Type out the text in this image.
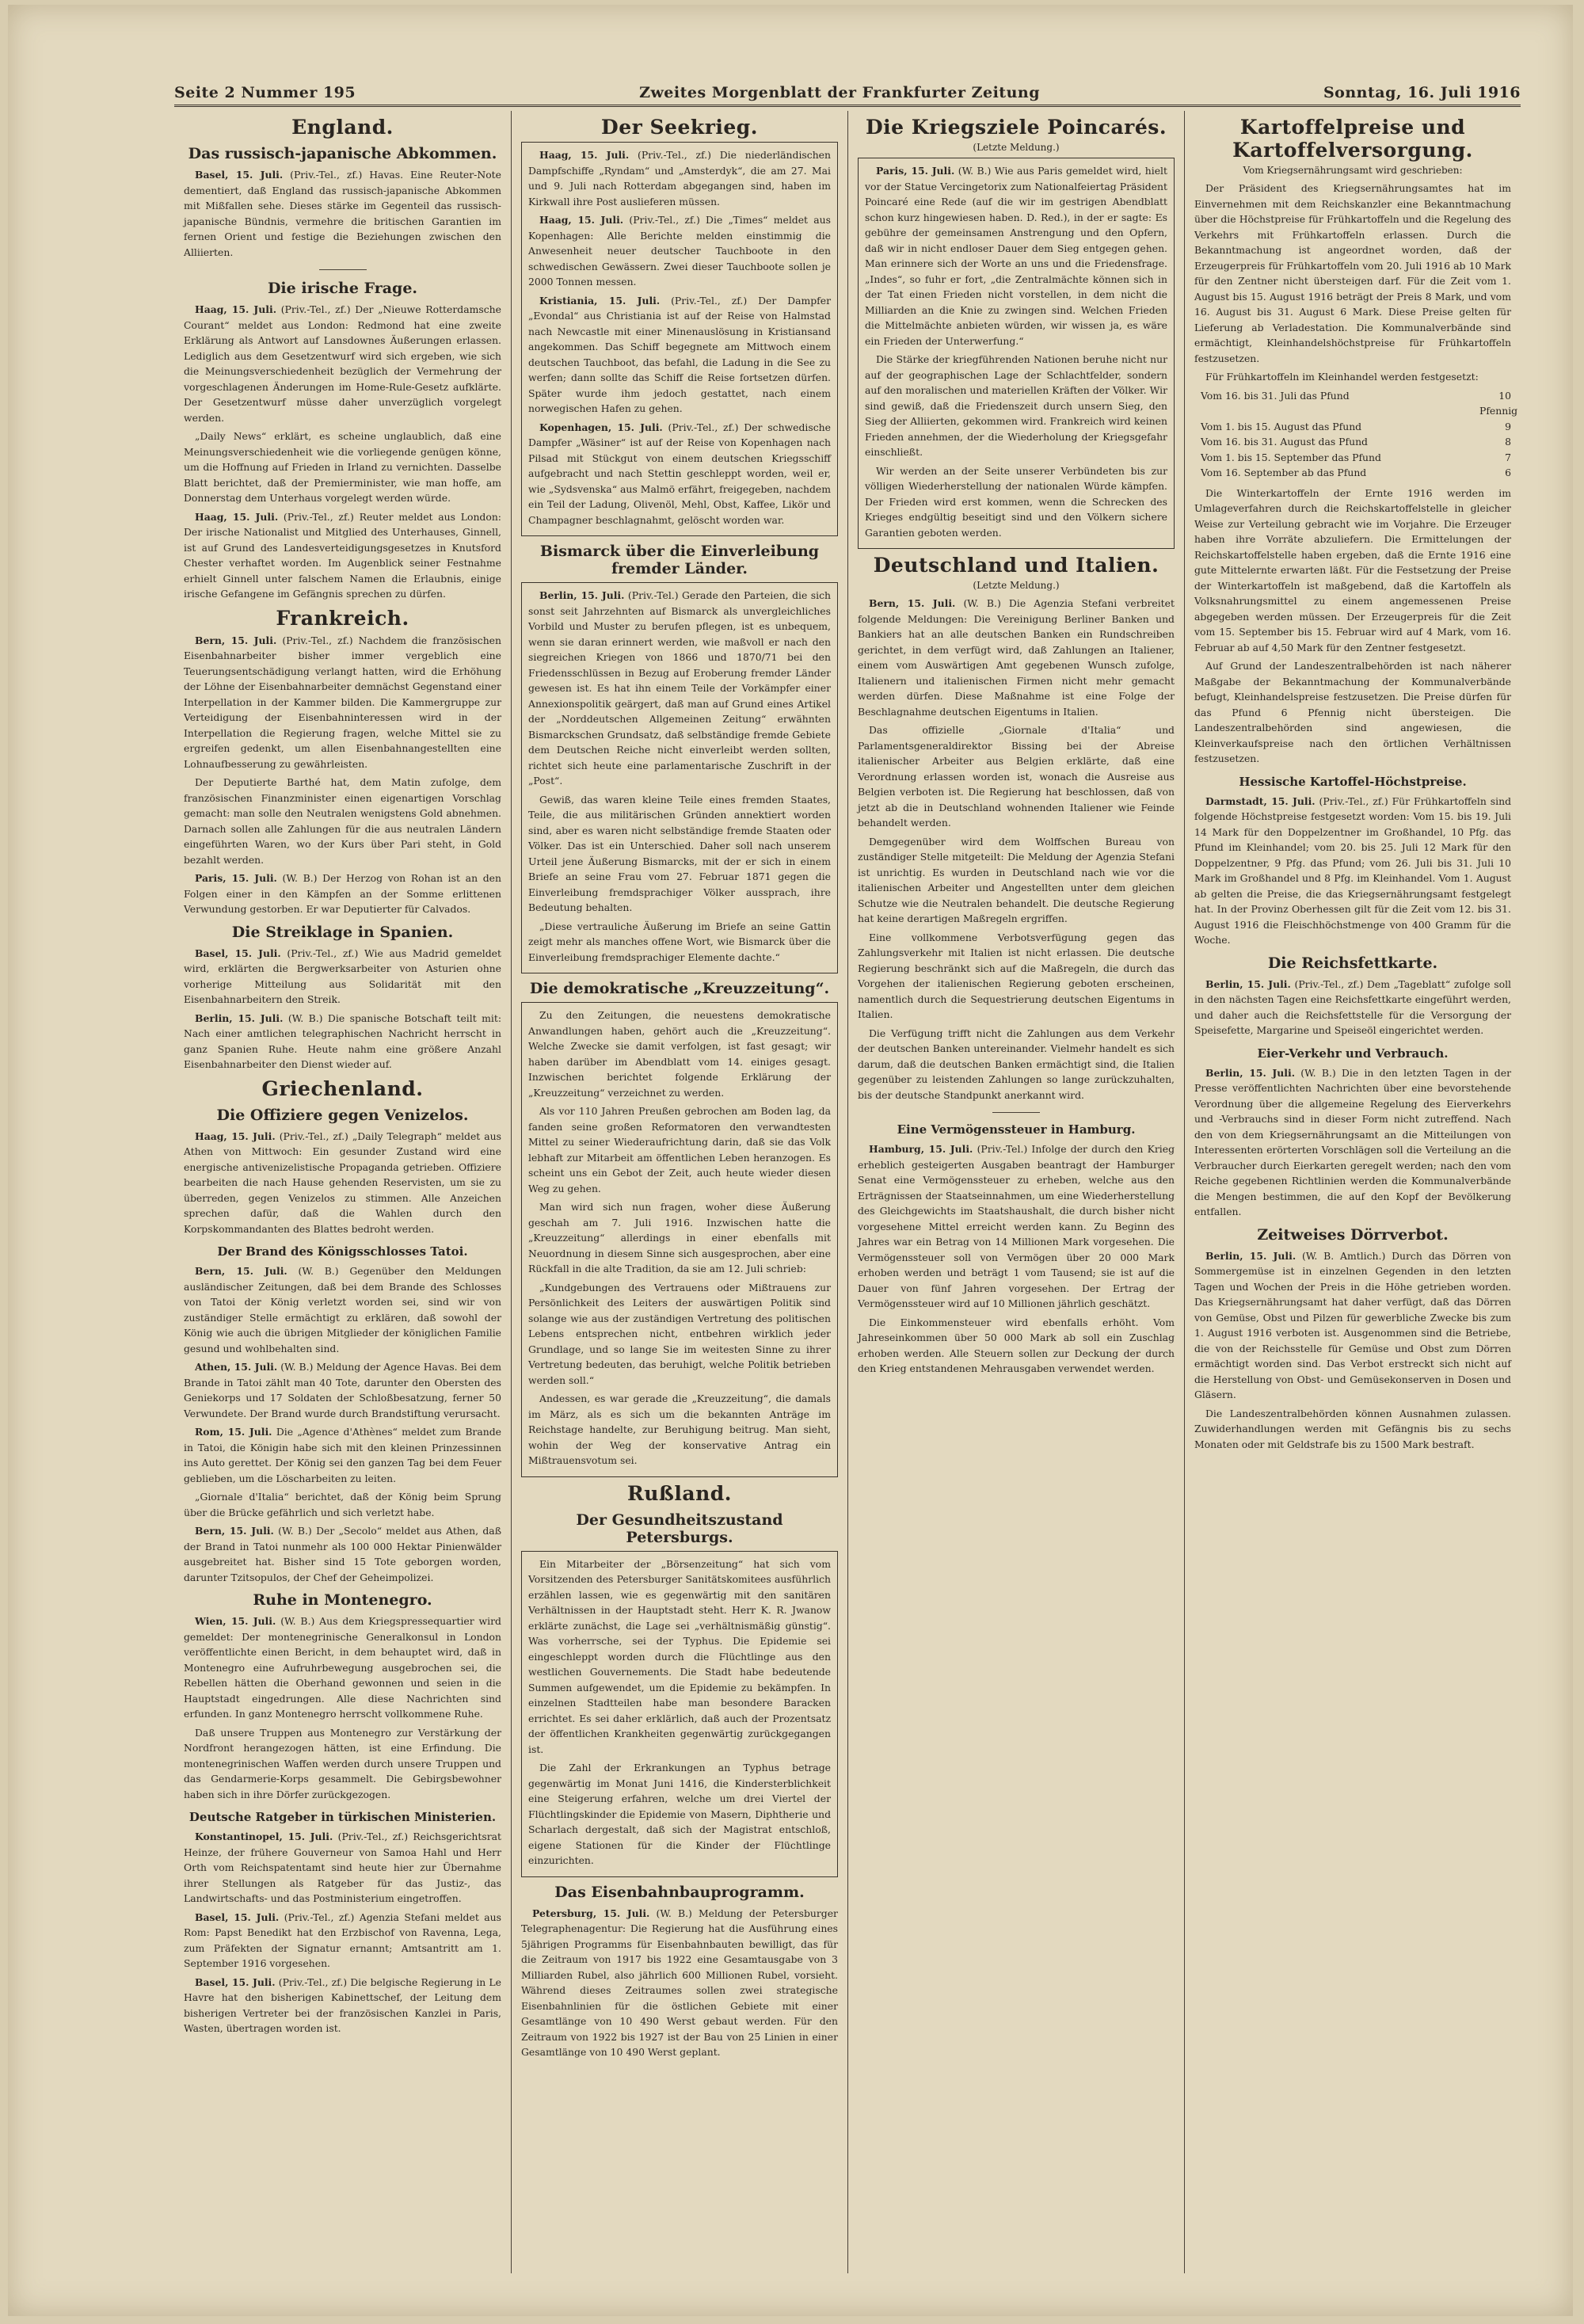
Seite 2 Nummer 195	Zweites Morgenblatt der Frankfurter Zeitung	Sonntag, 16. Juli 1916
England.
Das russisch-japanische Abkommen.

Basel, 15. Juli. (Priv.-Tel., zf.) Havas. Eine Reuter-Note dementiert, daß England das russisch-japanische Abkommen mit Mißfallen sehe. Dieses stärke im Gegenteil das russisch-japanische Bündnis, vermehre die britischen Garantien im fernen Orient und festige die Beziehungen zwischen den Alliierten.

Die irische Frage.

Haag, 15. Juli. (Priv.-Tel., zf.) Der „Nieuwe Rotterdamsche Courant“ meldet aus London: Redmond hat eine zweite Erklärung als Antwort auf Lansdownes Äußerungen erlassen. Lediglich aus dem Gesetzentwurf wird sich ergeben, wie sich die Meinungsverschiedenheit bezüglich der Vermehrung der vorgeschlagenen Änderungen im Home-Rule-Gesetz aufklärte. Der Gesetzentwurf müsse daher unverzüglich vorgelegt werden.

„Daily News“ erklärt, es scheine unglaublich, daß eine Meinungsverschiedenheit wie die vorliegende genügen könne, um die Hoffnung auf Frieden in Irland zu vernichten. Dasselbe Blatt berichtet, daß der Premierminister, wie man hoffe, am Donnerstag dem Unterhaus vorgelegt werden würde.

Haag, 15. Juli. (Priv.-Tel., zf.) Reuter meldet aus London: Der irische Nationalist und Mitglied des Unterhauses, Ginnell, ist auf Grund des Landesverteidigungsgesetzes in Knutsford Chester verhaftet worden. Im Augenblick seiner Festnahme erhielt Ginnell unter falschem Namen die Erlaubnis, einige irische Gefangene im Gefängnis sprechen zu dürfen.

Frankreich.

Bern, 15. Juli. (Priv.-Tel., zf.) Nachdem die französischen Eisenbahnarbeiter bisher immer vergeblich eine Teuerungsentschädigung verlangt hatten, wird die Erhöhung der Löhne der Eisenbahnarbeiter demnächst Gegenstand einer Interpellation in der Kammer bilden. Die Kammergruppe zur Verteidigung der Eisenbahninteressen wird in der Interpellation die Regierung fragen, welche Mittel sie zu ergreifen gedenkt, um allen Eisenbahnangestellten eine Lohnaufbesserung zu gewährleisten.

Der Deputierte Barthé hat, dem Matin zufolge, dem französischen Finanzminister einen eigenartigen Vorschlag gemacht: man solle den Neutralen wenigstens Gold abnehmen. Darnach sollen alle Zahlungen für die aus neutralen Ländern eingeführten Waren, wo der Kurs über Pari steht, in Gold bezahlt werden.

Paris, 15. Juli. (W. B.) Der Herzog von Rohan ist an den Folgen einer in den Kämpfen an der Somme erlittenen Verwundung gestorben. Er war Deputierter für Calvados.

Die Streiklage in Spanien.

Basel, 15. Juli. (Priv.-Tel., zf.) Wie aus Madrid gemeldet wird, erklärten die Bergwerksarbeiter von Asturien ohne vorherige Mitteilung aus Solidarität mit den Eisenbahnarbeitern den Streik.

Berlin, 15. Juli. (W. B.) Die spanische Botschaft teilt mit: Nach einer amtlichen telegraphischen Nachricht herrscht in ganz Spanien Ruhe. Heute nahm eine größere Anzahl Eisenbahnarbeiter den Dienst wieder auf.

Griechenland.
Die Offiziere gegen Venizelos.

Haag, 15. Juli. (Priv.-Tel., zf.) „Daily Telegraph“ meldet aus Athen von Mittwoch: Ein gesunder Zustand wird eine energische antivenizelistische Propaganda getrieben. Offiziere bearbeiten die nach Hause gehenden Reservisten, um sie zu überreden, gegen Venizelos zu stimmen. Alle Anzeichen sprechen dafür, daß die Wahlen durch den Korpskommandanten des Blattes bedroht werden.

Der Brand des Königsschlosses Tatoi.

Bern, 15. Juli. (W. B.) Gegenüber den Meldungen ausländischer Zeitungen, daß bei dem Brande des Schlosses von Tatoi der König verletzt worden sei, sind wir von zuständiger Stelle ermächtigt zu erklären, daß sowohl der König wie auch die übrigen Mitglieder der königlichen Familie gesund und wohlbehalten sind.

Athen, 15. Juli. (W. B.) Meldung der Agence Havas. Bei dem Brande in Tatoi zählt man 40 Tote, darunter den Obersten des Geniekorps und 17 Soldaten der Schloßbesatzung, ferner 50 Verwundete. Der Brand wurde durch Brandstiftung verursacht.

Rom, 15. Juli. Die „Agence d'Athènes“ meldet zum Brande in Tatoi, die Königin habe sich mit den kleinen Prinzessinnen ins Auto gerettet. Der König sei den ganzen Tag bei dem Feuer geblieben, um die Löscharbeiten zu leiten.

„Giornale d'Italia“ berichtet, daß der König beim Sprung über die Brücke gefährlich und sich verletzt habe.

Bern, 15. Juli. (W. B.) Der „Secolo“ meldet aus Athen, daß der Brand in Tatoi nunmehr als 100 000 Hektar Pinienwälder ausgebreitet hat. Bisher sind 15 Tote geborgen worden, darunter Tzitsopulos, der Chef der Geheimpolizei.

Ruhe in Montenegro.

Wien, 15. Juli. (W. B.) Aus dem Kriegspressequartier wird gemeldet: Der montenegrinische Generalkonsul in London veröffentlichte einen Bericht, in dem behauptet wird, daß in Montenegro eine Aufruhrbewegung ausgebrochen sei, die Rebellen hätten die Oberhand gewonnen und seien in die Hauptstadt eingedrungen. Alle diese Nachrichten sind erfunden. In ganz Montenegro herrscht vollkommene Ruhe.

Daß unsere Truppen aus Montenegro zur Verstärkung der Nordfront herangezogen hätten, ist eine Erfindung. Die montenegrinischen Waffen werden durch unsere Truppen und das Gendarmerie-Korps gesammelt. Die Gebirgsbewohner haben sich in ihre Dörfer zurückgezogen.

Deutsche Ratgeber in türkischen Ministerien.

Konstantinopel, 15. Juli. (Priv.-Tel., zf.) Reichsgerichtsrat Heinze, der frühere Gouverneur von Samoa Hahl und Herr Orth vom Reichspatentamt sind heute hier zur Übernahme ihrer Stellungen als Ratgeber für das Justiz-, das Landwirtschafts- und das Postministerium eingetroffen.

Basel, 15. Juli. (Priv.-Tel., zf.) Agenzia Stefani meldet aus Rom: Papst Benedikt hat den Erzbischof von Ravenna, Lega, zum Präfekten der Signatur ernannt; Amtsantritt am 1. September 1916 vorgesehen.

Basel, 15. Juli. (Priv.-Tel., zf.) Die belgische Regierung in Le Havre hat den bisherigen Kabinettschef, der Leitung dem bisherigen Vertreter bei der französischen Kanzlei in Paris, Wasten, übertragen worden ist.

Der Seekrieg.

Haag, 15. Juli. (Priv.-Tel., zf.) Die niederländischen Dampfschiffe „Ryndam“ und „Amsterdyk“, die am 27. Mai und 9. Juli nach Rotterdam abgegangen sind, haben im Kirkwall ihre Post auslieferen müssen.

Haag, 15. Juli. (Priv.-Tel., zf.) Die „Times“ meldet aus Kopenhagen: Alle Berichte melden einstimmig die Anwesenheit neuer deutscher Tauchboote in den schwedischen Gewässern. Zwei dieser Tauchboote sollen je 2000 Tonnen messen.

Kristiania, 15. Juli. (Priv.-Tel., zf.) Der Dampfer „Evondal“ aus Christiania ist auf der Reise von Halmstad nach Newcastle mit einer Minenauslösung in Kristiansand angekommen. Das Schiff begegnete am Mittwoch einem deutschen Tauchboot, das befahl, die Ladung in die See zu werfen; dann sollte das Schiff die Reise fortsetzen dürfen. Später wurde ihm jedoch gestattet, nach einem norwegischen Hafen zu gehen.

Kopenhagen, 15. Juli. (Priv.-Tel., zf.) Der schwedische Dampfer „Wäsiner“ ist auf der Reise von Kopenhagen nach Pilsad mit Stückgut von einem deutschen Kriegsschiff aufgebracht und nach Stettin geschleppt worden, weil er, wie „Sydsvenska“ aus Malmö erfährt, freigegeben, nachdem ein Teil der Ladung, Olivenöl, Mehl, Obst, Kaffee, Likör und Champagner beschlagnahmt, gelöscht worden war.

Bismarck über die Einverleibung fremder Länder.

Berlin, 15. Juli. (Priv.-Tel.) Gerade den Parteien, die sich sonst seit Jahrzehnten auf Bismarck als unvergleichliches Vorbild und Muster zu berufen pflegen, ist es unbequem, wenn sie daran erinnert werden, wie maßvoll er nach den siegreichen Kriegen von 1866 und 1870/71 bei den Friedensschlüssen in Bezug auf Eroberung fremder Länder gewesen ist. Es hat ihn einem Teile der Vorkämpfer einer Annexionspolitik geärgert, daß man auf Grund eines Artikel der „Norddeutschen Allgemeinen Zeitung“ erwähnten Bismarckschen Grundsatz, daß selbständige fremde Gebiete dem Deutschen Reiche nicht einverleibt werden sollten, richtet sich heute eine parlamentarische Zuschrift in der „Post“.

Gewiß, das waren kleine Teile eines fremden Staates, Teile, die aus militärischen Gründen annektiert worden sind, aber es waren nicht selbständige fremde Staaten oder Völker. Das ist ein Unterschied. Daher soll nach unserem Urteil jene Äußerung Bismarcks, mit der er sich in einem Briefe an seine Frau vom 27. Februar 1871 gegen die Einverleibung fremdsprachiger Völker aussprach, ihre Bedeutung behalten.

„Diese vertrauliche Äußerung im Briefe an seine Gattin zeigt mehr als manches offene Wort, wie Bismarck über die Einverleibung fremdsprachiger Elemente dachte.“

Die demokratische „Kreuzzeitung“.

Zu den Zeitungen, die neuestens demokratische Anwandlungen haben, gehört auch die „Kreuzzeitung“. Welche Zwecke sie damit verfolgen, ist fast gesagt; wir haben darüber im Abendblatt vom 14. einiges gesagt. Inzwischen berichtet folgende Erklärung der „Kreuzzeitung“ verzeichnet zu werden.

Als vor 110 Jahren Preußen gebrochen am Boden lag, da fanden seine großen Reformatoren den verwandtesten Mittel zu seiner Wiederaufrichtung darin, daß sie das Volk lebhaft zur Mitarbeit am öffentlichen Leben heranzogen. Es scheint uns ein Gebot der Zeit, auch heute wieder diesen Weg zu gehen.

Man wird sich nun fragen, woher diese Äußerung geschah am 7. Juli 1916. Inzwischen hatte die „Kreuzzeitung“ allerdings in einer ebenfalls mit Neuordnung in diesem Sinne sich ausgesprochen, aber eine Rückfall in die alte Tradition, da sie am 12. Juli schrieb:

„Kundgebungen des Vertrauens oder Mißtrauens zur Persönlichkeit des Leiters der auswärtigen Politik sind solange wie aus der zuständigen Vertretung des politischen Lebens entsprechen nicht, entbehren wirklich jeder Grundlage, und so lange Sie im weitesten Sinne zu ihrer Vertretung bedeuten, das beruhigt, welche Politik betrieben werden soll.“

Andessen, es war gerade die „Kreuzzeitung“, die damals im März, als es sich um die bekannten Anträge im Reichstage handelte, zur Beruhigung beitrug. Man sieht, wohin der Weg der konservative Antrag ein Mißtrauensvotum sei.

Rußland.
Der Gesundheitszustand Petersburgs.

Ein Mitarbeiter der „Börsenzeitung“ hat sich vom Vorsitzenden des Petersburger Sanitätskomitees ausführlich erzählen lassen, wie es gegenwärtig mit den sanitären Verhältnissen in der Hauptstadt steht. Herr K. R. Jwanow erklärte zunächst, die Lage sei „verhältnismäßig günstig“. Was vorherrsche, sei der Typhus. Die Epidemie sei eingeschleppt worden durch die Flüchtlinge aus den westlichen Gouvernements. Die Stadt habe bedeutende Summen aufgewendet, um die Epidemie zu bekämpfen. In einzelnen Stadtteilen habe man besondere Baracken errichtet. Es sei daher erklärlich, daß auch der Prozentsatz der öffentlichen Krankheiten gegenwärtig zurückgegangen ist.

Die Zahl der Erkrankungen an Typhus betrage gegenwärtig im Monat Juni 1416, die Kindersterblichkeit eine Steigerung erfahren, welche um drei Viertel der Flüchtlingskinder die Epidemie von Masern, Diphtherie und Scharlach dergestalt, daß sich der Magistrat entschloß, eigene Stationen für die Kinder der Flüchtlinge einzurichten.

Das Eisenbahnbauprogramm.

Petersburg, 15. Juli. (W. B.) Meldung der Petersburger Telegraphenagentur: Die Regierung hat die Ausführung eines 5jährigen Programms für Eisenbahnbauten bewilligt, das für die Zeitraum von 1917 bis 1922 eine Gesamtausgabe von 3 Milliarden Rubel, also jährlich 600 Millionen Rubel, vorsieht. Während dieses Zeitraumes sollen zwei strategische Eisenbahnlinien für die östlichen Gebiete mit einer Gesamtlänge von 10 490 Werst gebaut werden. Für den Zeitraum von 1922 bis 1927 ist der Bau von 25 Linien in einer Gesamtlänge von 10 490 Werst geplant.

Die Kriegsziele Poincarés.
(Letzte Meldung.)

Paris, 15. Juli. (W. B.) Wie aus Paris gemeldet wird, hielt vor der Statue Vercingetorix zum Nationalfeiertag Präsident Poincaré eine Rede (auf die wir im gestrigen Abendblatt schon kurz hingewiesen haben. D. Red.), in der er sagte: Es gebühre der gemeinsamen Anstrengung und den Opfern, daß wir in nicht endloser Dauer dem Sieg entgegen gehen. Man erinnere sich der Worte an uns und die Friedensfrage. „Indes“, so fuhr er fort, „die Zentralmächte können sich in der Tat einen Frieden nicht vorstellen, in dem nicht die Milliarden an die Knie zu zwingen sind. Welchen Frieden die Mittelmächte anbieten würden, wir wissen ja, es wäre ein Frieden der Unterwerfung.“

Die Stärke der kriegführenden Nationen beruhe nicht nur auf der geographischen Lage der Schlachtfelder, sondern auf den moralischen und materiellen Kräften der Völker. Wir sind gewiß, daß die Friedenszeit durch unsern Sieg, den Sieg der Alliierten, gekommen wird. Frankreich wird keinen Frieden annehmen, der die Wiederholung der Kriegsgefahr einschließt.

Wir werden an der Seite unserer Verbündeten bis zur völligen Wiederherstellung der nationalen Würde kämpfen. Der Frieden wird erst kommen, wenn die Schrecken des Krieges endgültig beseitigt sind und den Völkern sichere Garantien geboten werden.

Deutschland und Italien.
(Letzte Meldung.)

Bern, 15. Juli. (W. B.) Die Agenzia Stefani verbreitet folgende Meldungen: Die Vereinigung Berliner Banken und Bankiers hat an alle deutschen Banken ein Rundschreiben gerichtet, in dem verfügt wird, daß Zahlungen an Italiener, einem vom Auswärtigen Amt gegebenen Wunsch zufolge, Italienern und italienischen Firmen nicht mehr gemacht werden dürfen. Diese Maßnahme ist eine Folge der Beschlagnahme deutschen Eigentums in Italien.

Das offizielle „Giornale d'Italia“ und Parlamentsgeneraldirektor Bissing bei der Abreise italienischer Arbeiter aus Belgien erklärte, daß eine Verordnung erlassen worden ist, wonach die Ausreise aus Belgien verboten ist. Die Regierung hat beschlossen, daß von jetzt ab die in Deutschland wohnenden Italiener wie Feinde behandelt werden.

Demgegenüber wird dem Wolffschen Bureau von zuständiger Stelle mitgeteilt: Die Meldung der Agenzia Stefani ist unrichtig. Es wurden in Deutschland nach wie vor die italienischen Arbeiter und Angestellten unter dem gleichen Schutze wie die Neutralen behandelt. Die deutsche Regierung hat keine derartigen Maßregeln ergriffen.

Eine vollkommene Verbotsverfügung gegen das Zahlungsverkehr mit Italien ist nicht erlassen. Die deutsche Regierung beschränkt sich auf die Maßregeln, die durch das Vorgehen der italienischen Regierung geboten erscheinen, namentlich durch die Sequestrierung deutschen Eigentums in Italien.

Die Verfügung trifft nicht die Zahlungen aus dem Verkehr der deutschen Banken untereinander. Vielmehr handelt es sich darum, daß die deutschen Banken ermächtigt sind, die Italien gegenüber zu leistenden Zahlungen so lange zurückzuhalten, bis der deutsche Standpunkt anerkannt wird.

Eine Vermögenssteuer in Hamburg.

Hamburg, 15. Juli. (Priv.-Tel.) Infolge der durch den Krieg erheblich gesteigerten Ausgaben beantragt der Hamburger Senat eine Vermögenssteuer zu erheben, welche aus den Erträgnissen der Staatseinnahmen, um eine Wiederherstellung des Gleichgewichts im Staatshaushalt, die durch bisher nicht vorgesehene Mittel erreicht werden kann. Zu Beginn des Jahres war ein Betrag von 14 Millionen Mark vorgesehen. Die Vermögenssteuer soll von Vermögen über 20 000 Mark erhoben werden und beträgt 1 vom Tausend; sie ist auf die Dauer von fünf Jahren vorgesehen. Der Ertrag der Vermögenssteuer wird auf 10 Millionen jährlich geschätzt.

Die Einkommensteuer wird ebenfalls erhöht. Vom Jahreseinkommen über 50 000 Mark ab soll ein Zuschlag erhoben werden. Alle Steuern sollen zur Deckung der durch den Krieg entstandenen Mehrausgaben verwendet werden.

Kartoffelpreise und Kartoffelversorgung.
Vom Kriegsernährungsamt wird geschrieben:

Der Präsident des Kriegsernährungsamtes hat im Einvernehmen mit dem Reichskanzler eine Bekanntmachung über die Höchstpreise für Frühkartoffeln und die Regelung des Verkehrs mit Frühkartoffeln erlassen. Durch die Bekanntmachung ist angeordnet worden, daß der Erzeugerpreis für Frühkartoffeln vom 20. Juli 1916 ab 10 Mark für den Zentner nicht übersteigen darf. Für die Zeit vom 1. August bis 15. August 1916 beträgt der Preis 8 Mark, und vom 16. August bis 31. August 6 Mark. Diese Preise gelten für Lieferung ab Verladestation. Die Kommunalverbände sind ermächtigt, Kleinhandelshöchstpreise für Frühkartoffeln festzusetzen.

Für Frühkartoffeln im Kleinhandel werden festgesetzt:

Vom 16. bis 31. Juli das Pfund	10 Pfennig
Vom 1. bis 15. August das Pfund	9
Vom 16. bis 31. August das Pfund	8
Vom 1. bis 15. September das Pfund	7
Vom 16. September ab das Pfund	6

Die Winterkartoffeln der Ernte 1916 werden im Umlageverfahren durch die Reichskartoffelstelle in gleicher Weise zur Verteilung gebracht wie im Vorjahre. Die Erzeuger haben ihre Vorräte abzuliefern. Die Ermittelungen der Reichskartoffelstelle haben ergeben, daß die Ernte 1916 eine gute Mittelernte erwarten läßt. Für die Festsetzung der Preise der Winterkartoffeln ist maßgebend, daß die Kartoffeln als Volksnahrungsmittel zu einem angemessenen Preise abgegeben werden müssen. Der Erzeugerpreis für die Zeit vom 15. September bis 15. Februar wird auf 4 Mark, vom 16. Februar ab auf 4,50 Mark für den Zentner festgesetzt.

Auf Grund der Landeszentralbehörden ist nach näherer Maßgabe der Bekanntmachung der Kommunalverbände befugt, Kleinhandelspreise festzusetzen. Die Preise dürfen für das Pfund 6 Pfennig nicht übersteigen. Die Landeszentralbehörden sind angewiesen, die Kleinverkaufspreise nach den örtlichen Verhältnissen festzusetzen.

Hessische Kartoffel-Höchstpreise.

Darmstadt, 15. Juli. (Priv.-Tel., zf.) Für Frühkartoffeln sind folgende Höchstpreise festgesetzt worden: Vom 15. bis 19. Juli 14 Mark für den Doppelzentner im Großhandel, 10 Pfg. das Pfund im Kleinhandel; vom 20. bis 25. Juli 12 Mark für den Doppelzentner, 9 Pfg. das Pfund; vom 26. Juli bis 31. Juli 10 Mark im Großhandel und 8 Pfg. im Kleinhandel. Vom 1. August ab gelten die Preise, die das Kriegsernährungsamt festgelegt hat. In der Provinz Oberhessen gilt für die Zeit vom 12. bis 31. August 1916 die Fleischhöchstmenge von 400 Gramm für die Woche.

Die Reichsfettkarte.

Berlin, 15. Juli. (Priv.-Tel., zf.) Dem „Tageblatt“ zufolge soll in den nächsten Tagen eine Reichsfettkarte eingeführt werden, und daher auch die Reichsfettstelle für die Versorgung der Speisefette, Margarine und Speiseöl eingerichtet werden.

Eier-Verkehr und Verbrauch.

Berlin, 15. Juli. (W. B.) Die in den letzten Tagen in der Presse veröffentlichten Nachrichten über eine bevorstehende Verordnung über die allgemeine Regelung des Eierverkehrs und -Verbrauchs sind in dieser Form nicht zutreffend. Nach den von dem Kriegsernährungsamt an die Mitteilungen von Interessenten erörterten Vorschlägen soll die Verteilung an die Verbraucher durch Eierkarten geregelt werden; nach den vom Reiche gegebenen Richtlinien werden die Kommunalverbände die Mengen bestimmen, die auf den Kopf der Bevölkerung entfallen.

Zeitweises Dörrverbot.

Berlin, 15. Juli. (W. B. Amtlich.) Durch das Dörren von Sommergemüse ist in einzelnen Gegenden in den letzten Tagen und Wochen der Preis in die Höhe getrieben worden. Das Kriegsernährungsamt hat daher verfügt, daß das Dörren von Gemüse, Obst und Pilzen für gewerbliche Zwecke bis zum 1. August 1916 verboten ist. Ausgenommen sind die Betriebe, die von der Reichsstelle für Gemüse und Obst zum Dörren ermächtigt worden sind. Das Verbot erstreckt sich nicht auf die Herstellung von Obst- und Gemüsekonserven in Dosen und Gläsern.

Die Landeszentralbehörden können Ausnahmen zulassen. Zuwiderhandlungen werden mit Gefängnis bis zu sechs Monaten oder mit Geldstrafe bis zu 1500 Mark bestraft.
